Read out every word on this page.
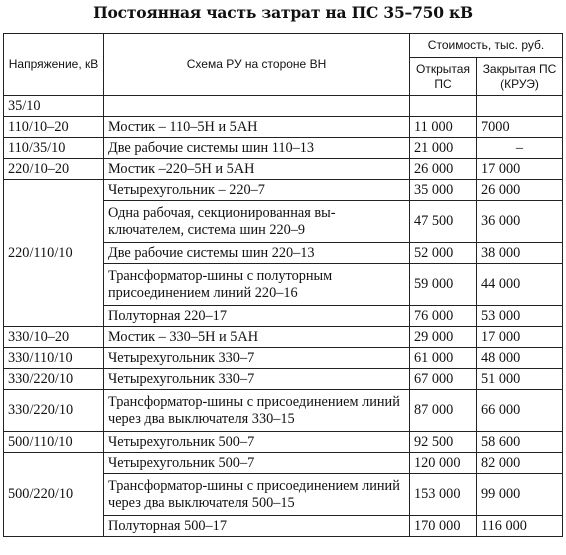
Постоянная часть затрат на ПС 35–750 кВ
Напряжение, кВ	Схема РУ на стороне ВН	Стоимость, тыс. руб.	
		Открытая ПС	Закрытая ПС (КРУЭ)
35/10			
110/10–20	Мостик – 110–5Н и 5АН	11 000	7000
110/35/10	Две рабочие системы шин 110–13	21 000	–
220/10–20	Мостик –220–5Н и 5АН	26 000	17 000
220/110/10	Четырехугольник – 220–7	35 000	26 000
	Одна рабочая, секционированная выключателем, система шин 220–9	47 500	36 000
	Две рабочие системы шин 220–13	52 000	38 000
	Трансформатор-шины с полуторным присоединением линий 220–16	59 000	44 000
	Полуторная 220–17	76 000	53 000
330/10–20	Мостик – 330–5Н и 5АН	29 000	17 000
330/110/10	Четырехугольник 330–7	61 000	48 000
330/220/10	Четырехугольник 330–7	67 000	51 000
330/220/10	Трансформатор-шины с присоединением линий через два выключателя 330–15	87 000	66 000
500/110/10	Четырехугольник 500–7	92 500	58 600
500/220/10	Четырехугольник 500–7	120 000	82 000
	Трансформатор-шины с присоединением линий через два выключателя 500–15	153 000	99 000
	Полуторная 500–17	170 000	116 000
